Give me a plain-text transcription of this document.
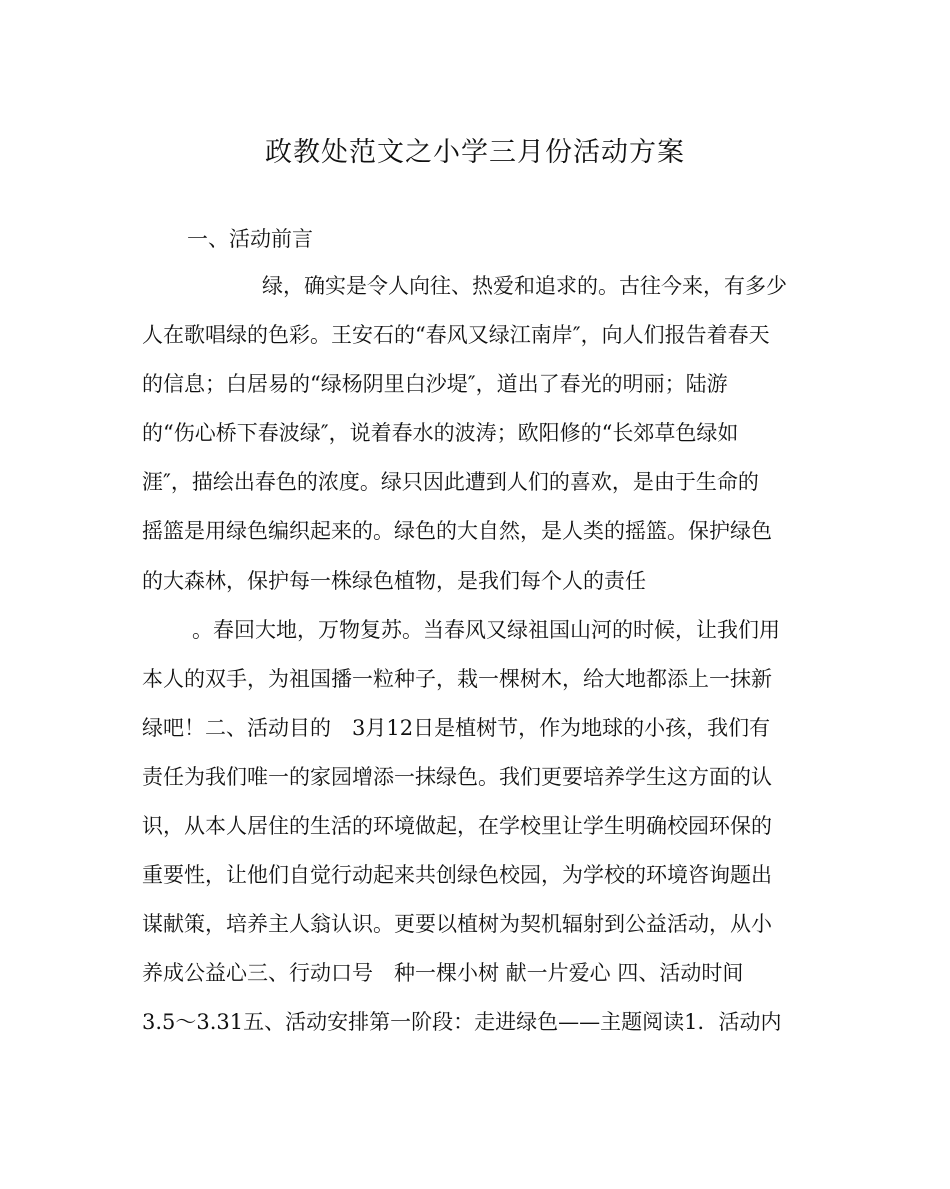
政教处范文之小学三月份活动方案
一、活动前言
绿，确实是令人向往、热爱和追求的。古往今来，有多少
人在歌唱绿的色彩。王安石的“春风又绿江南岸″，向人们报告着春天
的信息；白居易的“绿杨阴里白沙堤″，道出了春光的明丽；陆游
的“伤心桥下春波绿″，说着春水的波涛；欧阳修的“长郊草色绿如
涯″，描绘出春色的浓度。绿只因此遭到人们的喜欢，是由于生命的
摇篮是用绿色编织起来的。绿色的大自然，是人类的摇篮。保护绿色
的大森林，保护每一株绿色植物，是我们每个人的责任
。春回大地，万物复苏。当春风又绿祖国山河的时候，让我们用
本人的双手，为祖国播一粒种子，栽一棵树木，给大地都添上一抹新
绿吧！二、活动目的　3月12日是植树节，作为地球的小孩，我们有
责任为我们唯一的家园增添一抹绿色。我们更要培养学生这方面的认
识，从本人居住的生活的环境做起，在学校里让学生明确校园环保的
重要性，让他们自觉行动起来共创绿色校园，为学校的环境咨询题出
谋献策，培养主人翁认识。更要以植树为契机辐射到公益活动，从小
养成公益心三、行动口号　种一棵小树 献一片爱心 四、活动时间
3.5～3.31五、活动安排第一阶段：走进绿色——主题阅读1．活动内
